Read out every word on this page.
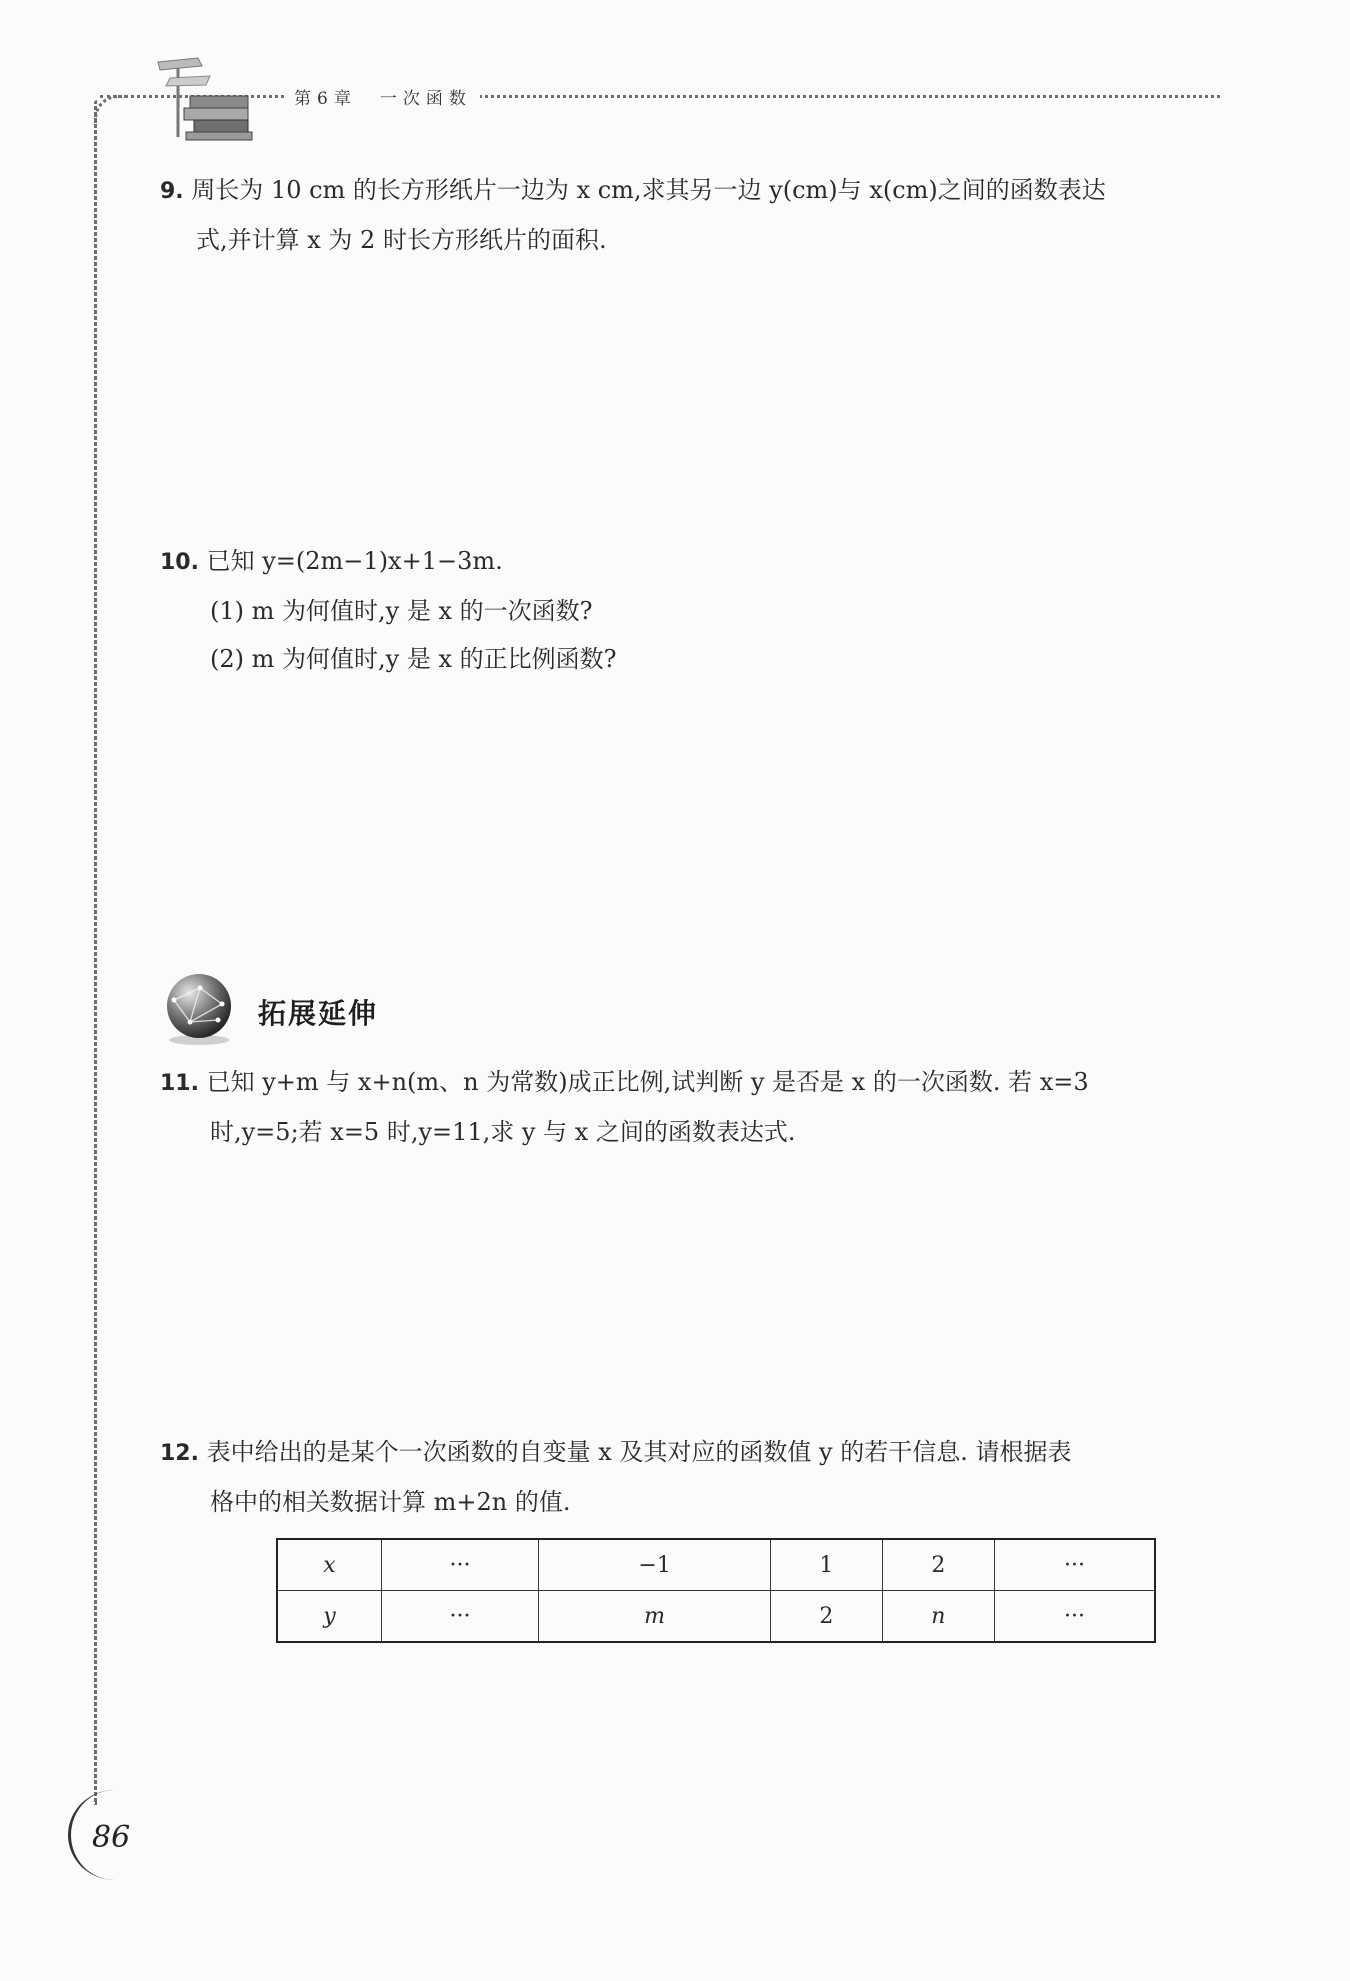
第6章　一次函数
9. 周长为 10 cm 的长方形纸片一边为 x cm,求其另一边 y(cm)与 x(cm)之间的函数表达
式,并计算 x 为 2 时长方形纸片的面积.
10. 已知 y=(2m−1)x+1−3m.
(1) m 为何值时,y 是 x 的一次函数?
(2) m 为何值时,y 是 x 的正比例函数?
拓展延伸
11. 已知 y+m 与 x+n(m、n 为常数)成正比例,试判断 y 是否是 x 的一次函数. 若 x=3
时,y=5;若 x=5 时,y=11,求 y 与 x 之间的函数表达式.
12. 表中给出的是某个一次函数的自变量 x 及其对应的函数值 y 的若干信息. 请根据表
格中的相关数据计算 m+2n 的值.
x	···	−1	1	2	···
y	···	m	2	n	···
86
